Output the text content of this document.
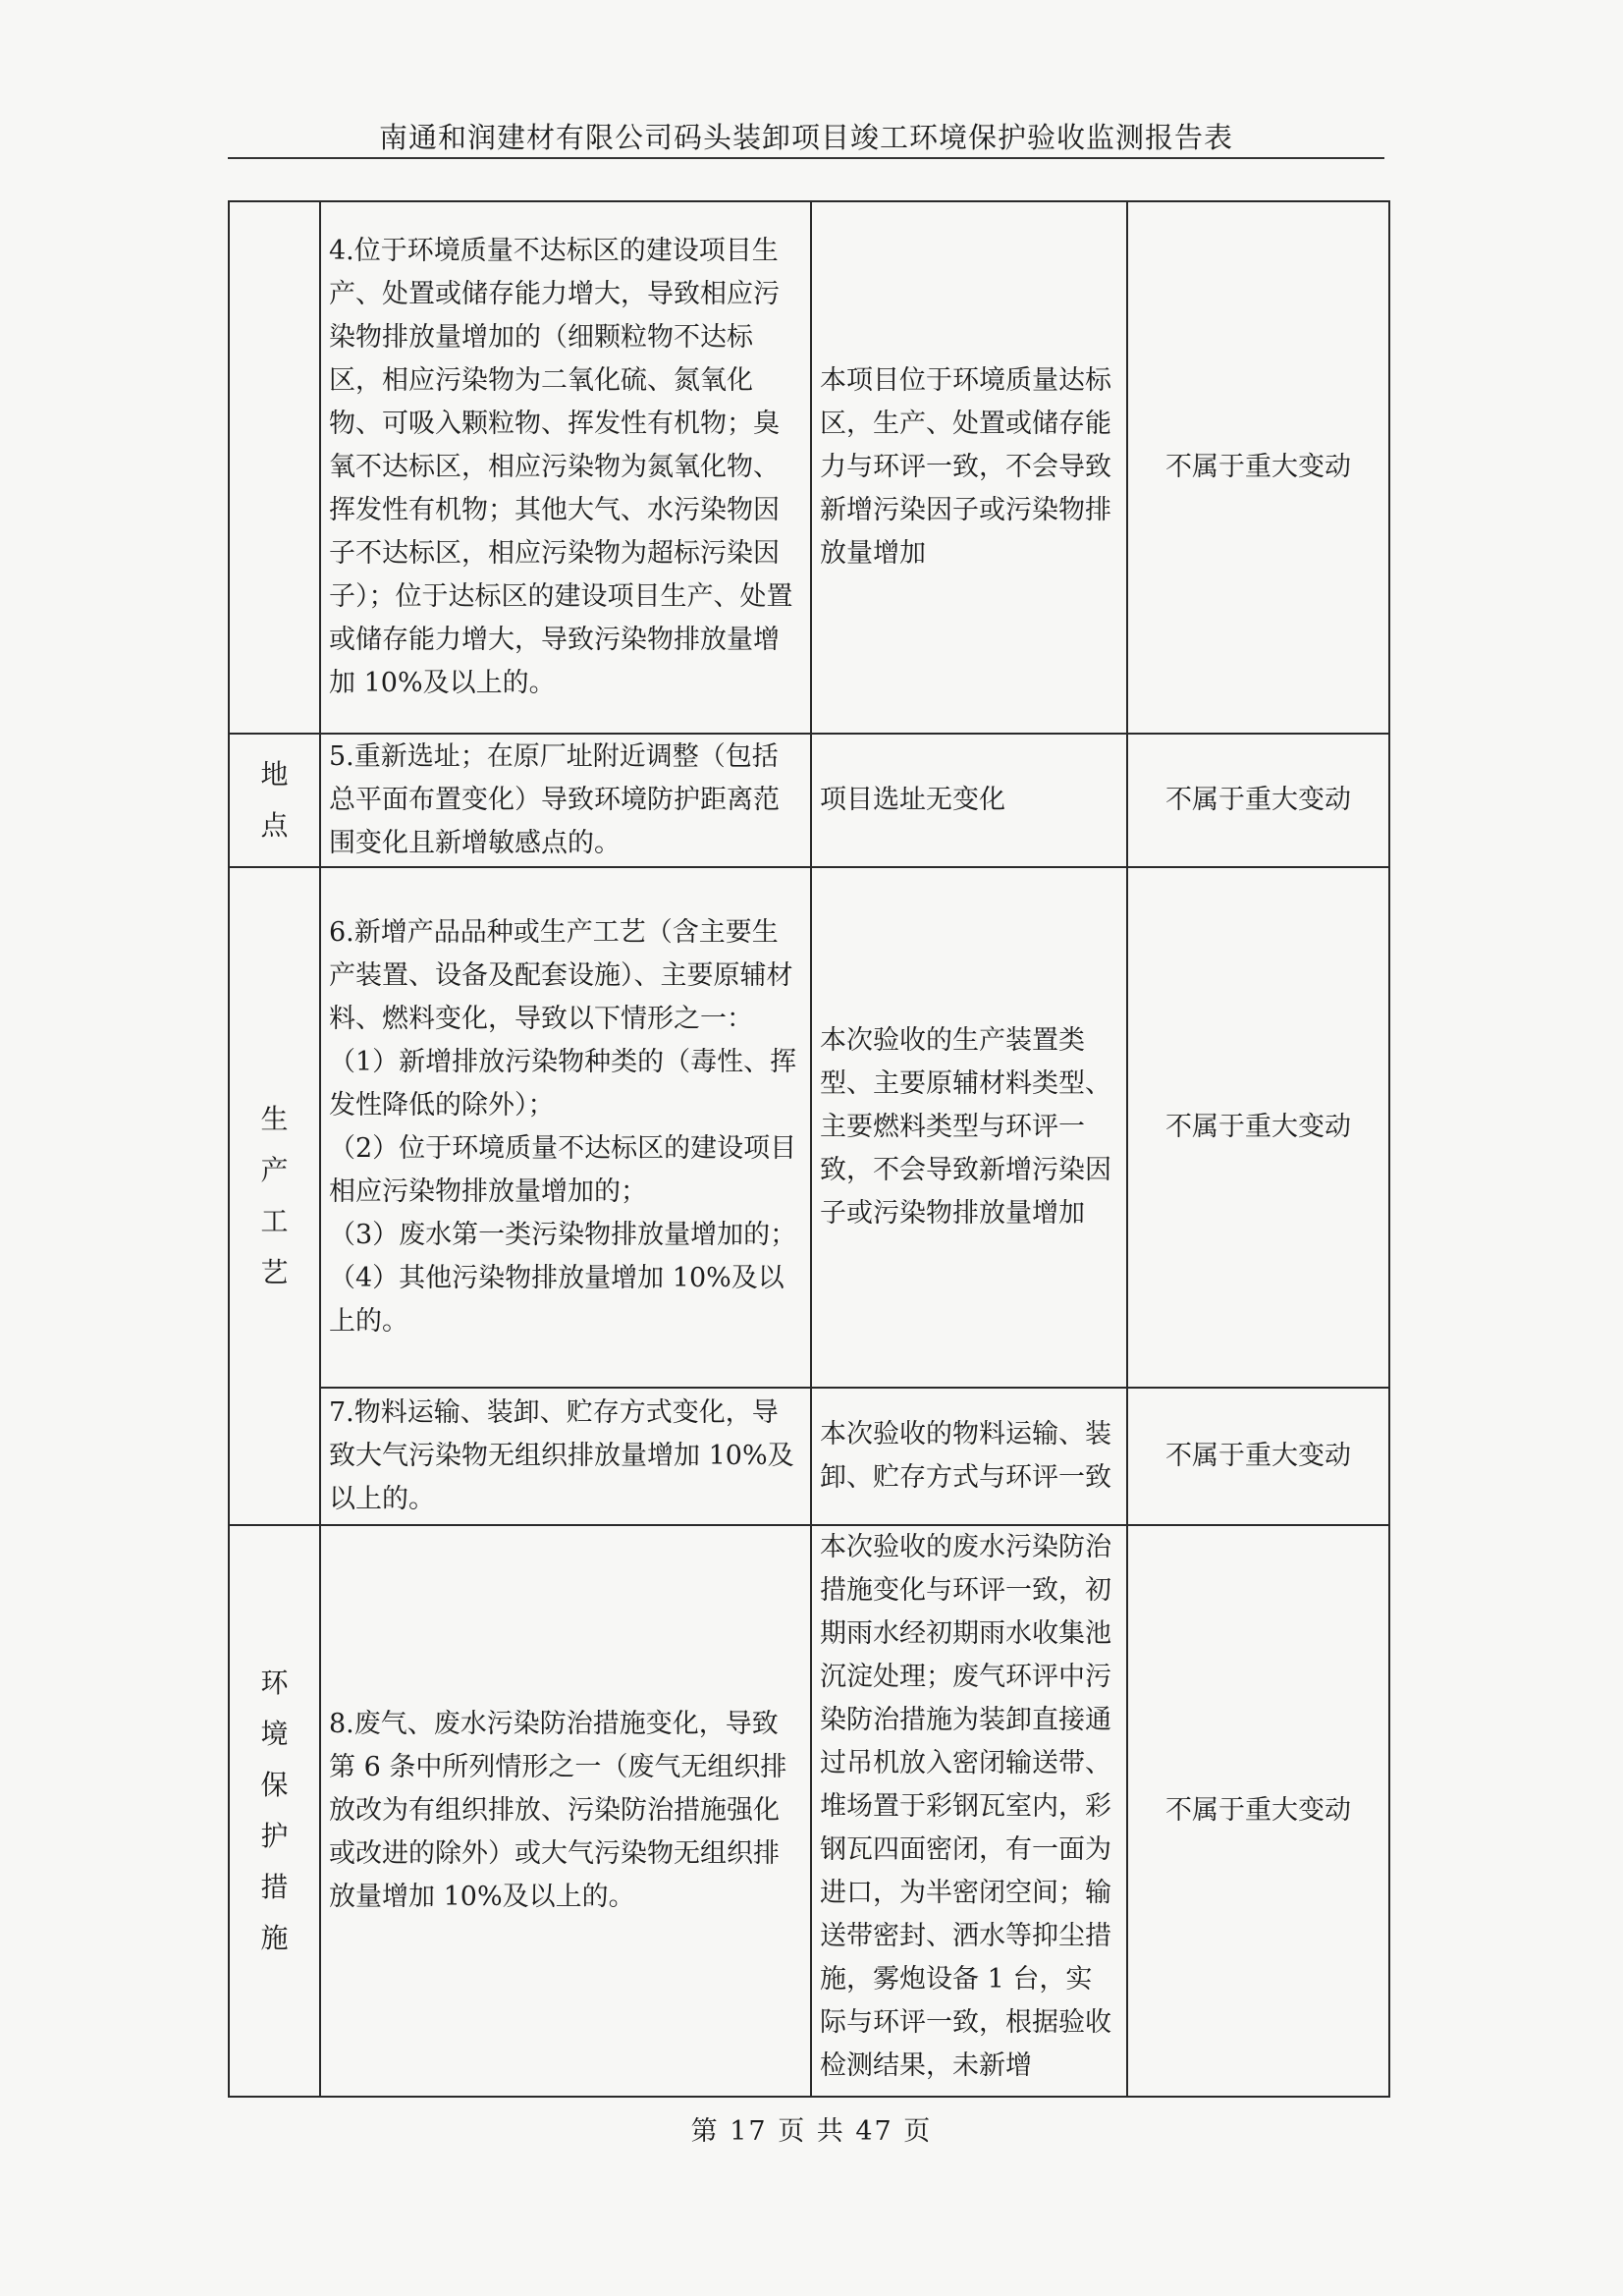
南通和润建材有限公司码头装卸项目竣工环境保护验收监测报告表

	4.位于环境质量不达标区的建设项目生产、处置或储存能力增大，导致相应污染物排放量增加的（细颗粒物不达标区，相应污染物为二氧化硫、氮氧化物、可吸入颗粒物、挥发性有机物；臭氧不达标区，相应污染物为氮氧化物、挥发性有机物；其他大气、水污染物因子不达标区，相应污染物为超标污染因子）；位于达标区的建设项目生产、处置或储存能力增大，导致污染物排放量增加 10%及以上的。	本项目位于环境质量达标区，生产、处置或储存能力与环评一致，不会导致新增污染因子或污染物排放量增加	不属于重大变动
地点	5.重新选址；在原厂址附近调整（包括总平面布置变化）导致环境防护距离范围变化且新增敏感点的。	项目选址无变化	不属于重大变动
生产工艺	6.新增产品品种或生产工艺（含主要生产装置、设备及配套设施）、主要原辅材料、燃料变化，导致以下情形之一：
（1）新增排放污染物种类的（毒性、挥发性降低的除外）；
（2）位于环境质量不达标区的建设项目相应污染物排放量增加的；
（3）废水第一类污染物排放量增加的；
（4）其他污染物排放量增加 10%及以上的。	本次验收的生产装置类型、主要原辅材料类型、主要燃料类型与环评一致，不会导致新增污染因子或污染物排放量增加	不属于重大变动

	7.物料运输、装卸、贮存方式变化，导致大气污染物无组织排放量增加 10%及以上的。	本次验收的物料运输、装卸、贮存方式与环评一致	不属于重大变动
环境保护措施	8.废气、废水污染防治措施变化，导致第 6 条中所列情形之一（废气无组织排放改为有组织排放、污染防治措施强化或改进的除外）或大气污染物无组织排放量增加 10%及以上的。	本次验收的废水污染防治措施变化与环评一致，初期雨水经初期雨水收集池沉淀处理；废气环评中污染防治措施为装卸直接通过吊机放入密闭输送带、堆场置于彩钢瓦室内，彩钢瓦四面密闭，有一面为进口，为半密闭空间；输送带密封、洒水等抑尘措施，雾炮设备 1 台，实际与环评一致，根据验收检测结果，未新增	不属于重大变动
第 17 页 共 47 页
